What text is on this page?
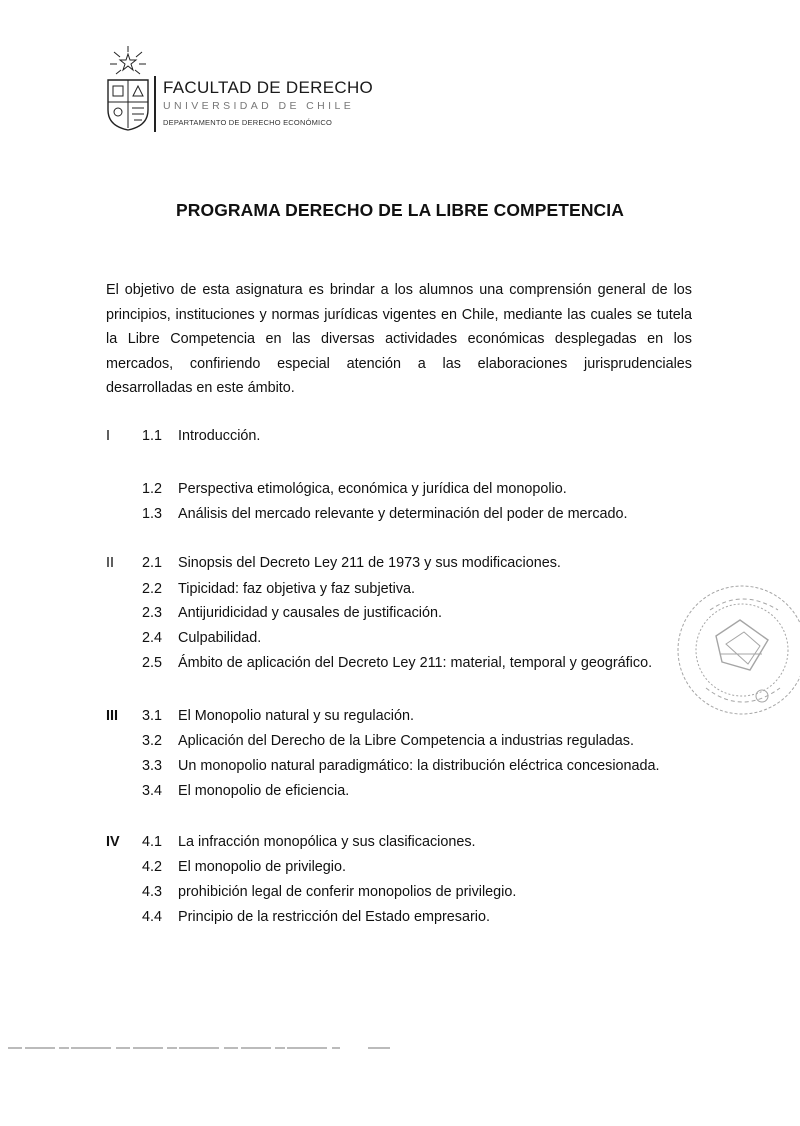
FACULTAD DE DERECHO
UNIVERSIDAD DE CHILE
DEPARTAMENTO DE DERECHO ECONÓMICO
PROGRAMA DERECHO DE LA LIBRE COMPETENCIA
El objetivo de esta asignatura es brindar a los alumnos una comprensión general de los principios, instituciones y normas jurídicas vigentes en Chile, mediante las cuales se tutela la Libre Competencia en las diversas actividades económicas desplegadas en los mercados, confiriendo especial atención a las elaboraciones jurisprudenciales desarrolladas en este ámbito.
I 1.1 Introducción.
1.2 Perspectiva etimológica, económica y jurídica del monopolio.
1.3 Análisis del mercado relevante y determinación del poder de mercado.
II 2.1 Sinopsis del Decreto Ley 211 de 1973 y sus modificaciones.
2.2 Tipicidad: faz objetiva y faz subjetiva.
2.3 Antijuridicidad y causales de justificación.
2.4 Culpabilidad.
2.5 Ámbito de aplicación del Decreto Ley 211: material, temporal y geográfico.
III 3.1 El Monopolio natural y su regulación.
3.2 Aplicación del Derecho de la Libre Competencia a industrias reguladas.
3.3 Un monopolio natural paradigmático: la distribución eléctrica concesionada.
3.4 El monopolio de eficiencia.
IV 4.1 La infracción monopólica y sus clasificaciones.
4.2 El monopolio de privilegio.
4.3 prohibición legal de conferir monopolios de privilegio.
4.4 Principio de la restricción del Estado empresario.
